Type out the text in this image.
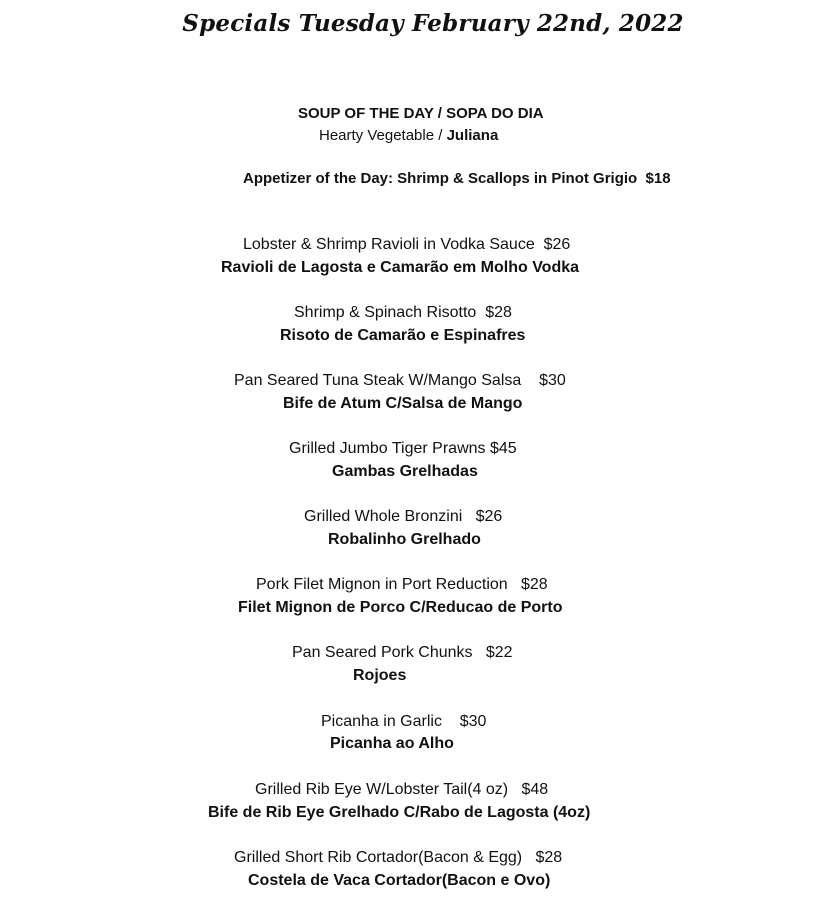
Specials Tuesday February 22nd, 2022
SOUP OF THE DAY / SOPA DO DIA
Hearty Vegetable / Juliana
Appetizer of the Day: Shrimp & Scallops in Pinot Grigio  $18
Lobster & Shrimp Ravioli in Vodka Sauce  $26
Ravioli de Lagosta e Camarão em Molho Vodka
Shrimp & Spinach Risotto  $28
Risoto de Camarão e Espinafres
Pan Seared Tuna Steak W/Mango Salsa    $30
Bife de Atum C/Salsa de Mango
Grilled Jumbo Tiger Prawns $45
Gambas Grelhadas
Grilled Whole Bronzini   $26
Robalinho Grelhado
Pork Filet Mignon in Port Reduction   $28
Filet Mignon de Porco C/Reducao de Porto
Pan Seared Pork Chunks   $22
Rojoes
Picanha in Garlic    $30
Picanha ao Alho
Grilled Rib Eye W/Lobster Tail(4 oz)   $48
Bife de Rib Eye Grelhado C/Rabo de Lagosta (4oz)
Grilled Short Rib Cortador(Bacon & Egg)   $28
Costela de Vaca Cortador(Bacon e Ovo)
